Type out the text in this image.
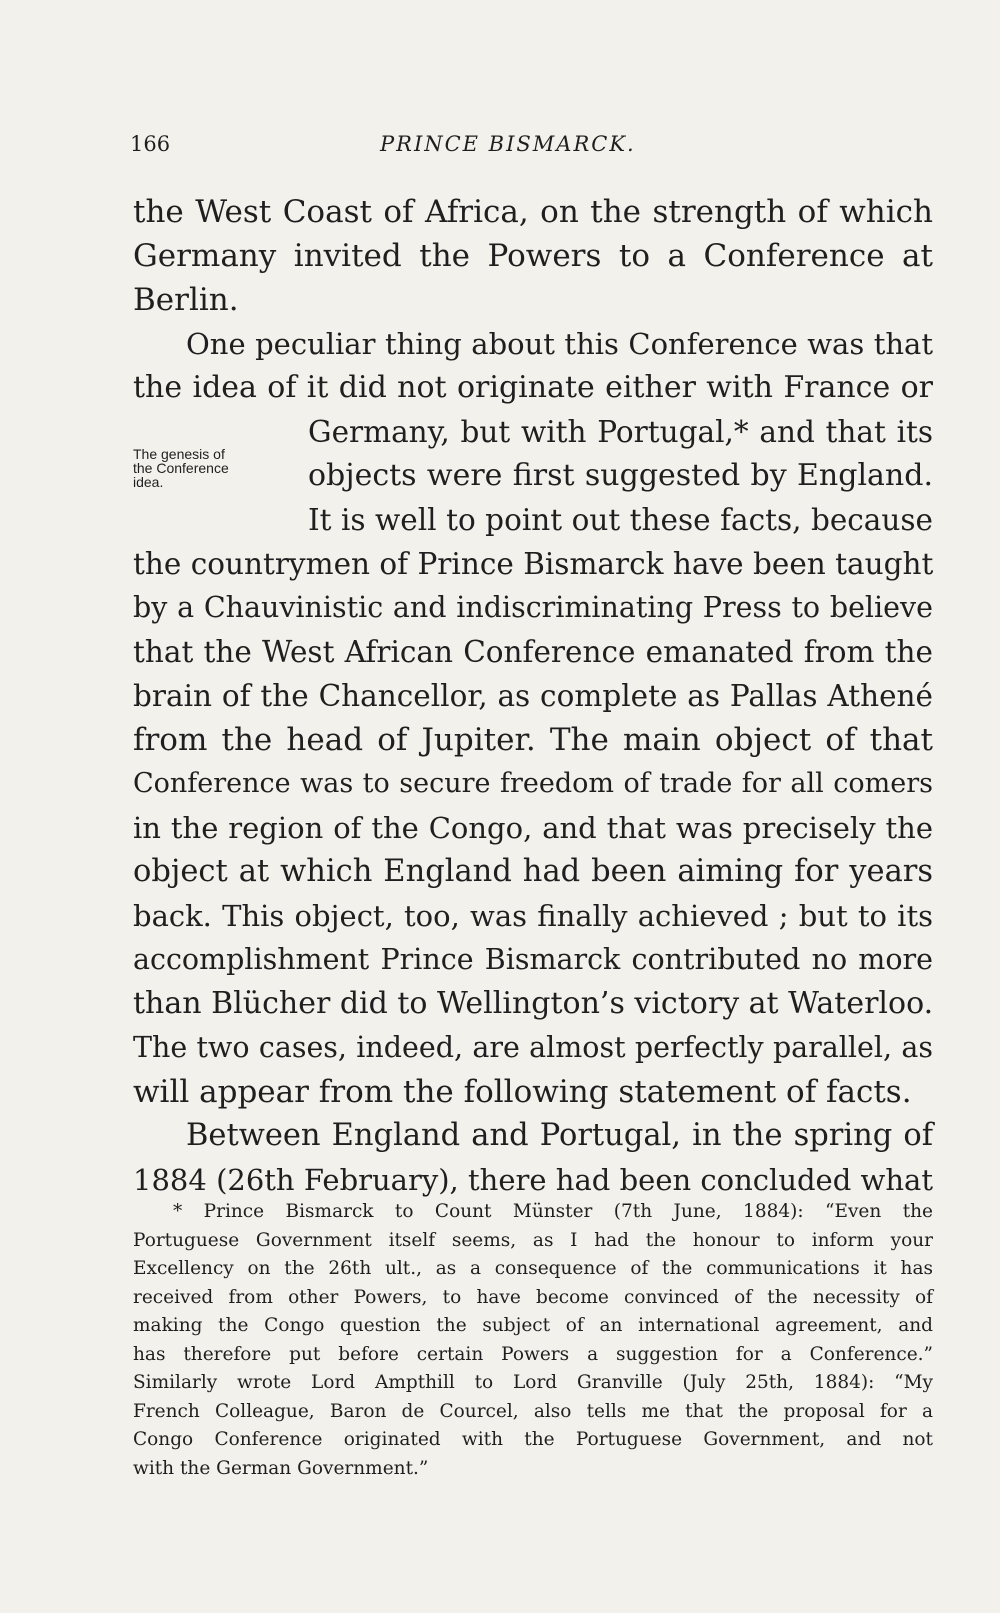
166	PRINCE BISMARCK.
The genesis of
the Conference
idea.
the West Coast of Africa, on the strength of which
Germany invited the Powers to a Conference at
Berlin.
One peculiar thing about this Conference was that
the idea of it did not originate either with France or
Germany, but with Portugal,* and that its
objects were first suggested by England.
It is well to point out these facts, because
the countrymen of Prince Bismarck have been taught
by a Chauvinistic and indiscriminating Press to believe
that the West African Conference emanated from the
brain of the Chancellor, as complete as Pallas Athené
from the head of Jupiter. The main object of that
Conference was to secure freedom of trade for all comers
in the region of the Congo, and that was precisely the
object at which England had been aiming for years
back. This object, too, was finally achieved ; but to its
accomplishment Prince Bismarck contributed no more
than Blücher did to Wellington’s victory at Waterloo.
The two cases, indeed, are almost perfectly parallel, as
will appear from the following statement of facts.
Between England and Portugal, in the spring of
1884 (26th February), there had been concluded what
* Prince Bismarck to Count Münster (7th June, 1884): “Even the
Portuguese Government itself seems, as I had the honour to inform your
Excellency on the 26th ult., as a consequence of the communications it has
received from other Powers, to have become convinced of the necessity of
making the Congo question the subject of an international agreement, and
has therefore put before certain Powers a suggestion for a Conference.”
Similarly wrote Lord Ampthill to Lord Granville (July 25th, 1884): “My
French Colleague, Baron de Courcel, also tells me that the proposal for a
Congo Conference originated with the Portuguese Government, and not
with the German Government.”
